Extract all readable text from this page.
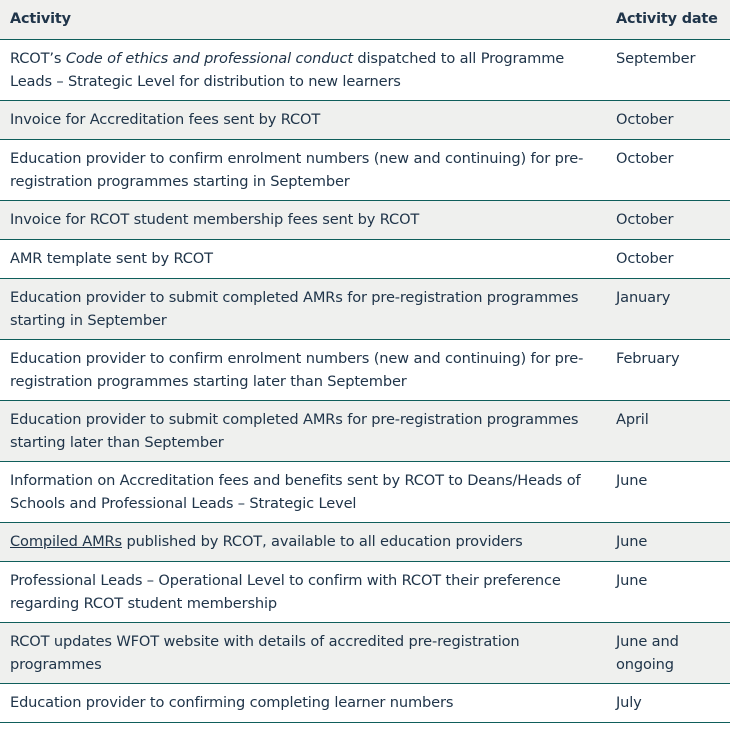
Activity	Activity date
RCOT’s Code of ethics and professional conduct dispatched to all Programme Leads – Strategic Level for distribution to new learners	September
Invoice for Accreditation fees sent by RCOT	October
Education provider to confirm enrolment numbers (new and continuing) for pre-registration programmes starting in September	October
Invoice for RCOT student membership fees sent by RCOT	October
AMR template sent by RCOT	October
Education provider to submit completed AMRs for pre-registration programmes starting in September	January
Education provider to confirm enrolment numbers (new and continuing) for pre-registration programmes starting later than September	February
Education provider to submit completed AMRs for pre-registration programmes starting later than September	April
Information on Accreditation fees and benefits sent by RCOT to Deans/Heads of Schools and Professional Leads – Strategic Level	June
Compiled AMRs published by RCOT, available to all education providers	June
Professional Leads – Operational Level to confirm with RCOT their preference regarding RCOT student membership	June
RCOT updates WFOT website with details of accredited pre-registration programmes	June and ongoing
Education provider to confirming completing learner numbers	July
